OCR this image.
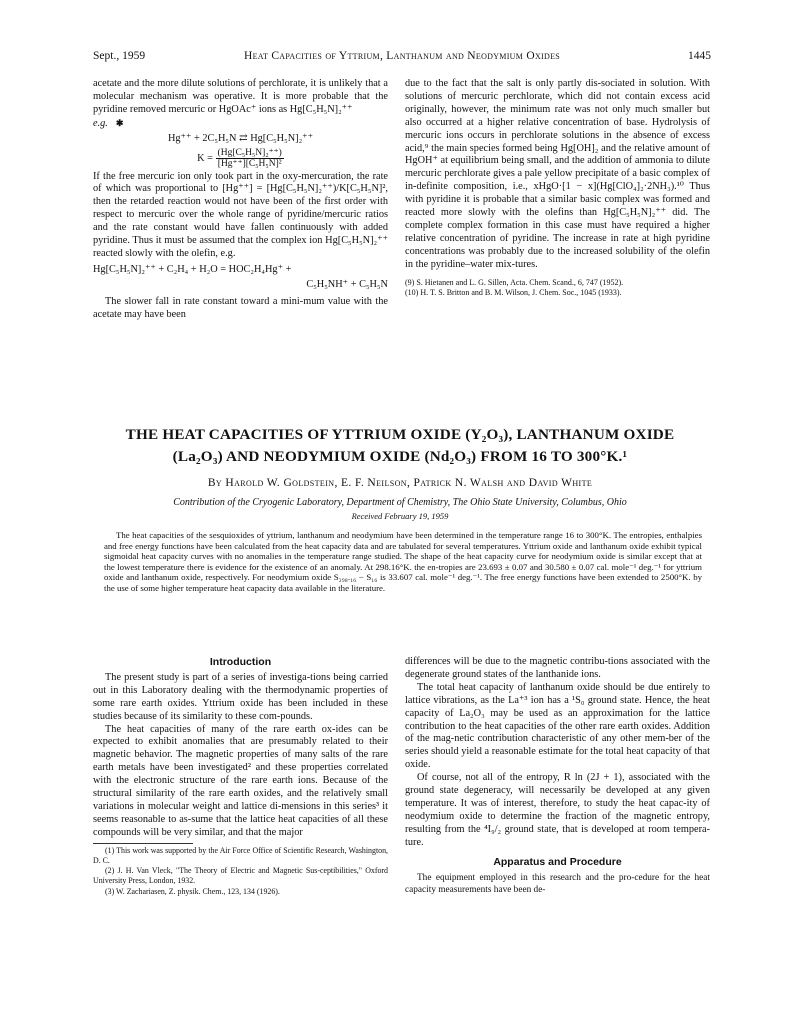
Sept., 1959	Heat Capacities of Yttrium, Lanthanum and Neodymium Oxides	1445

acetate and the more dilute solutions of perchlorate, it is unlikely that a molecular mechanism was operative. It is more probable that the pyridine removed mercuric or HgOAc⁺ ions as Hg[C₅H₅N]₂⁺⁺

e.g. ✱

Hg⁺⁺ + 2C₅H₅N ⇄ Hg[C₅H₅N]₂⁺⁺
$K = \frac{\text{(Hg[C₅H₅N]₂⁺⁺)}}{\text{[Hg⁺⁺][C₅H₅N]²}}$

If the free mercuric ion only took part in the oxy-mercuration, the rate of which was proportional to [Hg⁺⁺] = [Hg[C₅H₅N]₂⁺⁺)/K[C₅H₅N]², then the retarded reaction would not have been of the first order with respect to mercuric over the whole range of pyridine/mercuric ratios and the rate constant would have fallen continuously with added pyridine. Thus it must be assumed that the complex ion Hg[C₅H₅N]₂⁺⁺ reacted slowly with the olefin, e.g.

Hg[C₅H₅N]₂⁺⁺ + C₂H₄ + H₂O = HOC₂H₄Hg⁺ +
C₅H₅NH⁺ + C₅H₅N

The slower fall in rate constant toward a mini-mum value with the acetate may have been

due to the fact that the salt is only partly dis-sociated in solution. With solutions of mercuric perchlorate, which did not contain excess acid originally, however, the minimum rate was not only much smaller but also occurred at a higher relative concentration of base. Hydrolysis of mercuric ions occurs in perchlorate solutions in the absence of excess acid,⁹ the main species formed being Hg[OH]₂ and the relative amount of HgOH⁺ at equilibrium being small, and the addition of ammonia to dilute mercuric perchlorate gives a pale yellow precipitate of a basic complex of in-definite composition, i.e., xHgO·[1 − x](Hg[ClO₄]₂·2NH₃).¹⁰ Thus with pyridine it is probable that a similar basic complex was formed and reacted more slowly with the olefins than Hg[C₅H₅N]₂⁺⁺ did. The complete complex formation in this case must have required a higher relative concentration of pyridine. The increase in rate at high pyridine concentrations was probably due to the increased solubility of the olefin in the pyridine–water mix-tures.

(9) S. Hietanen and L. G. Sillen, Acta. Chem. Scand., 6, 747 (1952).
(10) H. T. S. Britton and B. M. Wilson, J. Chem. Soc., 1045 (1933).
THE HEAT CAPACITIES OF YTTRIUM OXIDE (Y₂O₃), LANTHANUM OXIDE
(La₂O₃) AND NEODYMIUM OXIDE (Nd₂O₃) FROM 16 TO 300°K.¹
By Harold W. Goldstein, E. F. Neilson, Patrick N. Walsh and David White
Contribution of the Cryogenic Laboratory, Department of Chemistry, The Ohio State University, Columbus, Ohio
Received February 19, 1959
The heat capacities of the sesquioxides of yttrium, lanthanum and neodymium have been determined in the temperature range 16 to 300°K. The entropies, enthalpies and free energy functions have been calculated from the heat capacity data and are tabulated for several temperatures. Yttrium oxide and lanthanum oxide exhibit typical sigmoidal heat capacity curves with no anomalies in the temperature range studied. The shape of the heat capacity curve for neodymium oxide is similar except that at the lowest temperature there is evidence for the existence of an anomaly. At 298.16°K. the en-tropies are 23.693 ± 0.07 and 30.580 ± 0.07 cal. mole⁻¹ deg.⁻¹ for yttrium oxide and lanthanum oxide, respectively. For neodymium oxide S₂₉₈.₁₆ − S₁₆ is 33.607 cal. mole⁻¹ deg.⁻¹. The free energy functions have been extended to 2500°K. by the use of some higher temperature heat capacity data available in the literature.
Introduction

The present study is part of a series of investiga-tions being carried out in this Laboratory dealing with the thermodynamic properties of some rare earth oxides. Yttrium oxide has been included in these studies because of its similarity to these com-pounds.

The heat capacities of many of the rare earth ox-ides can be expected to exhibit anomalies that are presumably related to their magnetic behavior. The magnetic properties of many salts of the rare earth metals have been investigated² and these properties correlated with the electronic structure of the rare earth ions. Because of the structural similarity of the rare earth oxides, and the relatively small variations in molecular weight and lattice di-mensions in this series³ it seems reasonable to as-sume that the lattice heat capacities of all these compounds will be very similar, and that the major

(1) This work was supported by the Air Force Office of Scientific Research, Washington, D. C.
(2) J. H. Van Vleck, "The Theory of Electric and Magnetic Sus-ceptibilities," Oxford University Press, London, 1932.
(3) W. Zachariasen, Z. physik. Chem., 123, 134 (1926).

differences will be due to the magnetic contribu-tions associated with the degenerate ground states of the lanthanide ions.

The total heat capacity of lanthanum oxide should be due entirely to lattice vibrations, as the La⁺³ ion has a ¹S₀ ground state. Hence, the heat capacity of La₂O₃ may be used as an approximation for the lattice contribution to the heat capacities of the other rare earth oxides. Addition of the mag-netic contribution characteristic of any other mem-ber of the series should yield a reasonable estimate for the total heat capacity of that oxide.

Of course, not all of the entropy, R ln (2J + 1), associated with the ground state degeneracy, will necessarily be developed at any given temperature. It was of interest, therefore, to study the heat capac-ity of neodymium oxide to determine the fraction of the magnetic entropy, resulting from the ⁴I₉/₂ ground state, that is developed at room tempera-ture.

Apparatus and Procedure

The equipment employed in this research and the pro-cedure for the heat capacity measurements have been de-
